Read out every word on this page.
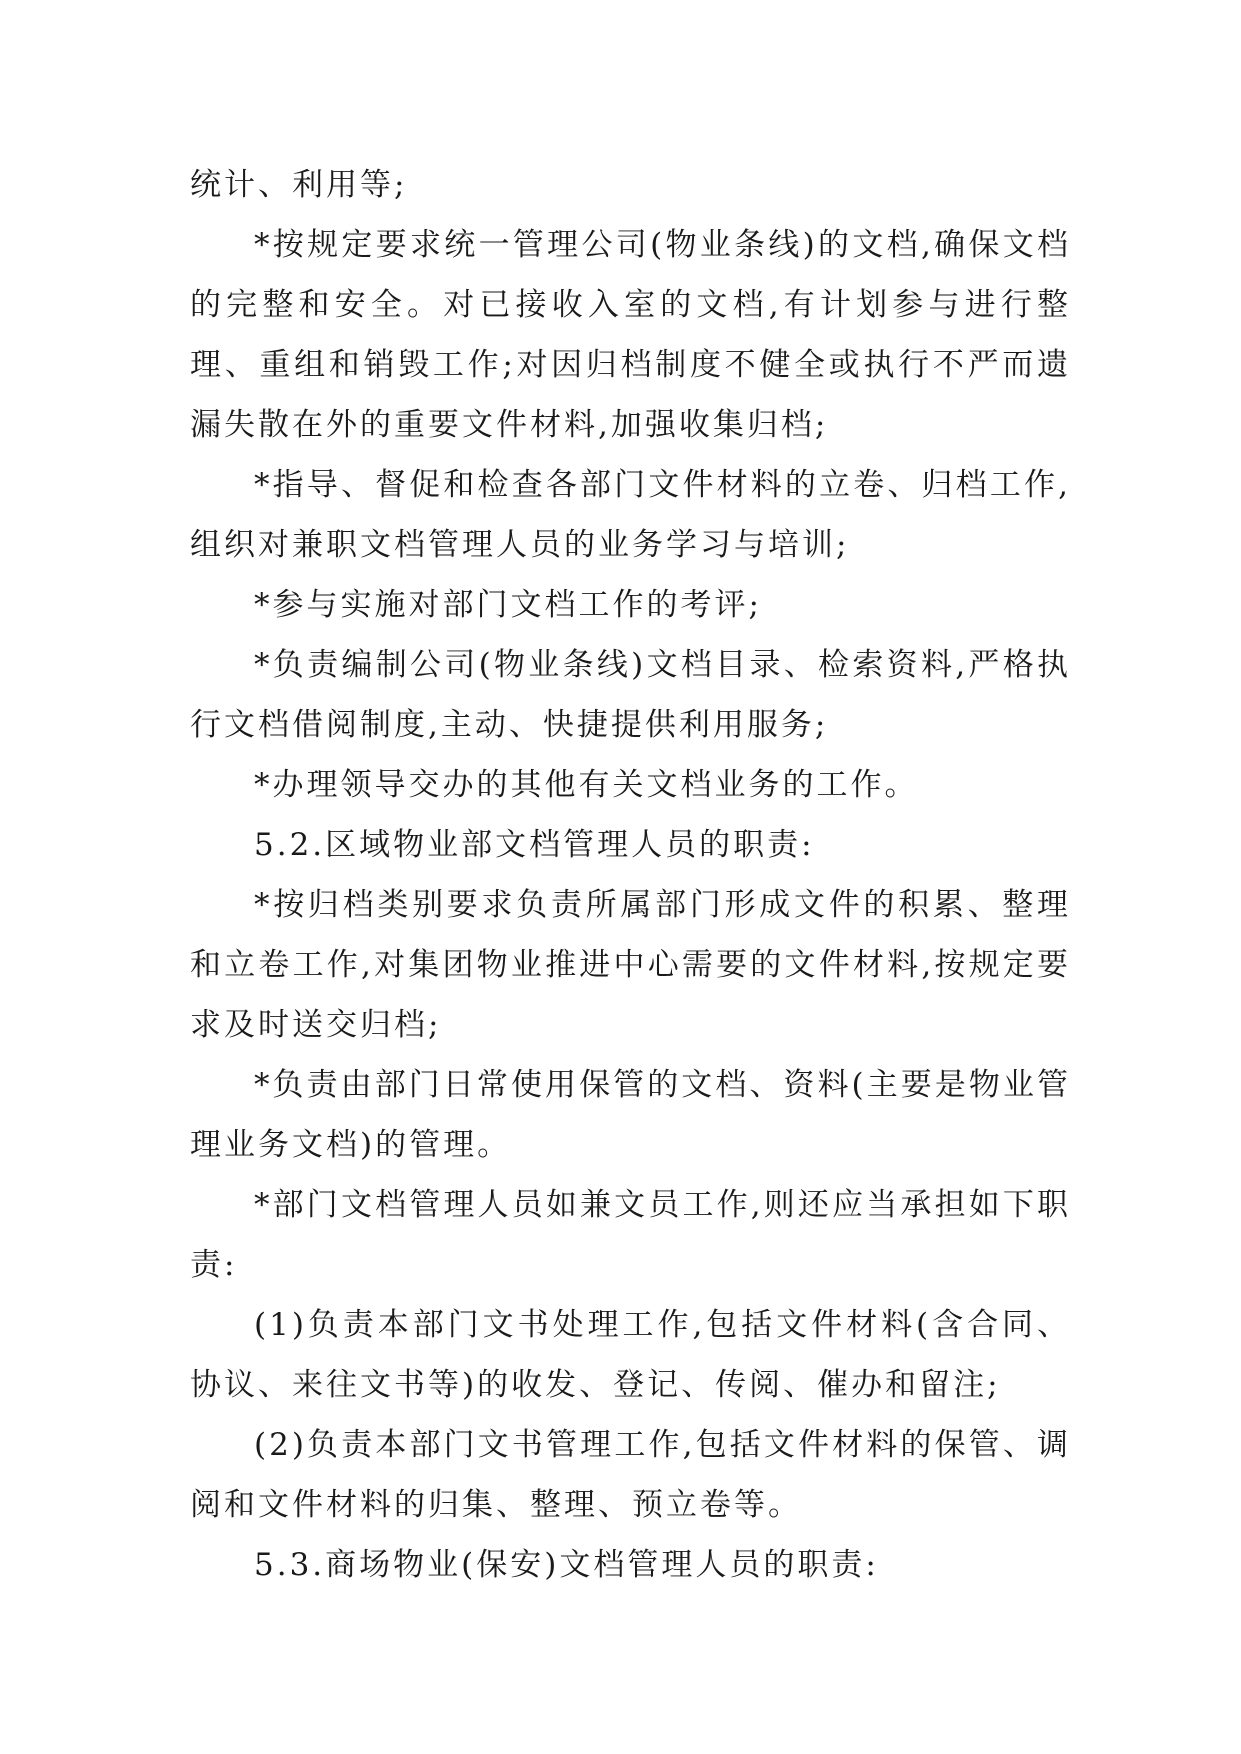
统计、利用等;

*按规定要求统一管理公司(物业条线)的文档,确保文档的完整和安全。对已接收入室的文档,有计划参与进行整理、重组和销毁工作;对因归档制度不健全或执行不严而遗漏失散在外的重要文件材料,加强收集归档;

*指导、督促和检查各部门文件材料的立卷、归档工作,组织对兼职文档管理人员的业务学习与培训;

*参与实施对部门文档工作的考评;

*负责编制公司(物业条线)文档目录、检索资料,严格执行文档借阅制度,主动、快捷提供利用服务;

*办理领导交办的其他有关文档业务的工作。

5.2.区域物业部文档管理人员的职责:

*按归档类别要求负责所属部门形成文件的积累、整理和立卷工作,对集团物业推进中心需要的文件材料,按规定要求及时送交归档;

*负责由部门日常使用保管的文档、资料(主要是物业管理业务文档)的管理。

*部门文档管理人员如兼文员工作,则还应当承担如下职责:

(1)负责本部门文书处理工作,包括文件材料(含合同、协议、来往文书等)的收发、登记、传阅、催办和留注;

(2)负责本部门文书管理工作,包括文件材料的保管、调阅和文件材料的归集、整理、预立卷等。

5.3.商场物业(保安)文档管理人员的职责:
